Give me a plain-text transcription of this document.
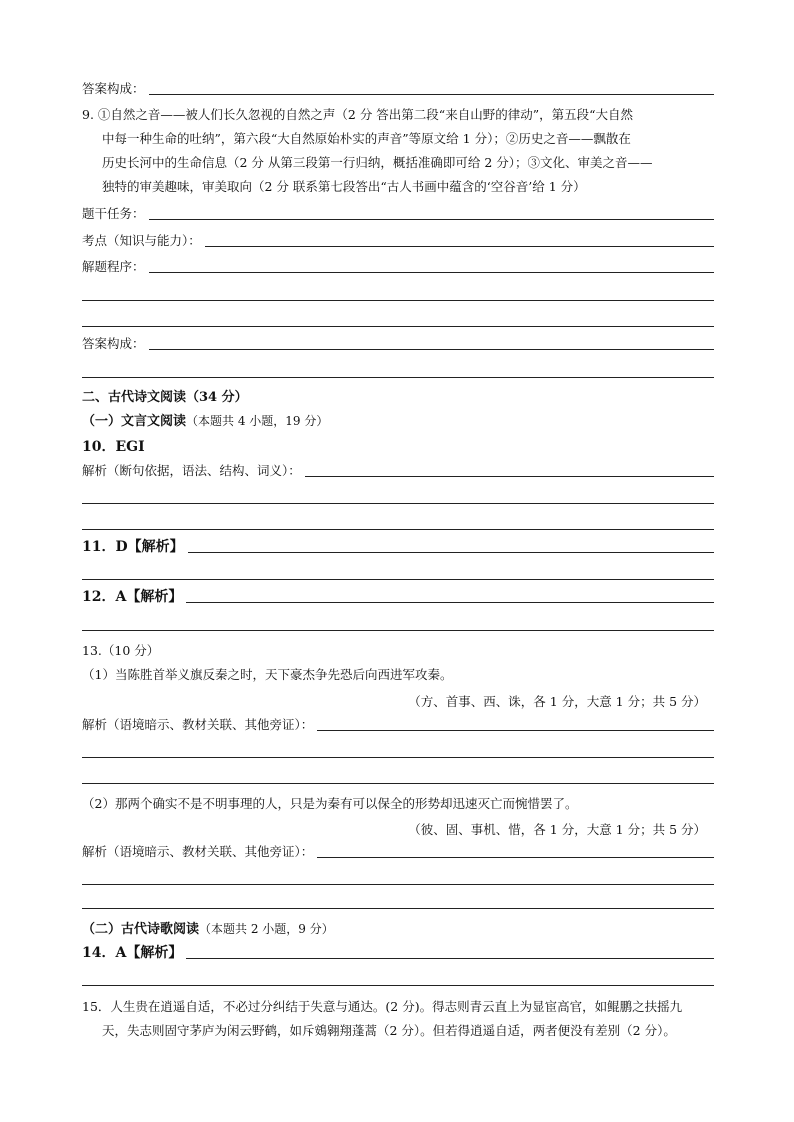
答案构成：
9. ①自然之音——被人们长久忽视的自然之声（2 分 答出第二段“来自山野的律动”，第五段“大自然
中每一种生命的吐纳”，第六段“大自然原始朴实的声音”等原文给 1 分）；②历史之音——飘散在
历史长河中的生命信息（2 分 从第三段第一行归纳，概括准确即可给 2 分）；③文化、审美之音——
独特的审美趣味，审美取向（2 分 联系第七段答出“古人书画中蕴含的‘空谷音’给 1 分）
题干任务：
考点（知识与能力）：
解题程序：
答案构成：
二、古代诗文阅读（34 分）
（一）文言文阅读（本题共 4 小题，19 分）
10．EGI
解析（断句依据，语法、结构、词义）：
11．D 【解析】
12．A 【解析】
13.（10 分）
（1）当陈胜首举义旗反秦之时，天下豪杰争先恐后向西进军攻秦。
（方、首事、西、诛，各 1 分，大意 1 分；共 5 分）
解析（语境暗示、教材关联、其他旁证）：
（2）那两个确实不是不明事理的人，只是为秦有可以保全的形势却迅速灭亡而惋惜罢了。
（彼、固、事机、惜，各 1 分，大意 1 分；共 5 分）
解析（语境暗示、教材关联、其他旁证）：
（二）古代诗歌阅读（本题共 2 小题，9 分）
14．A 【解析】
15．人生贵在逍遥自适，不必过分纠结于失意与通达。(2 分)。得志则青云直上为显宦高官，如鲲鹏之扶摇九
天，失志则固守茅庐为闲云野鹤，如斥鴳翱翔蓬蒿（2 分）。但若得逍遥自适，两者便没有差别（2 分）。
